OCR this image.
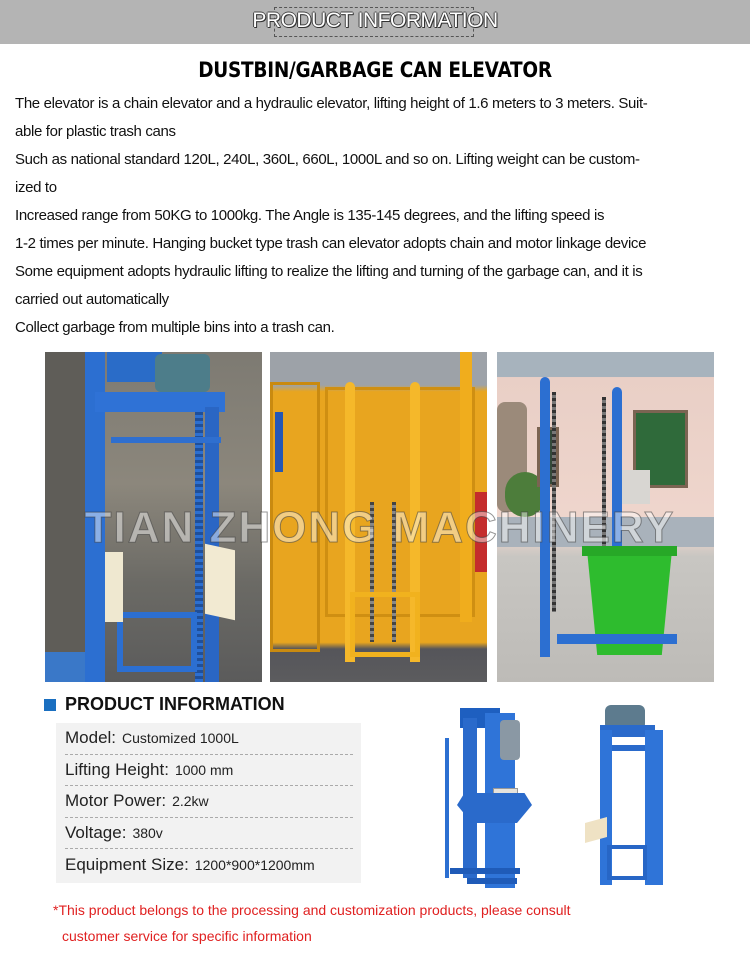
PRODUCT INFORMATION
DUSTBIN/GARBAGE CAN ELEVATOR

The elevator is a chain elevator and a hydraulic elevator, lifting height of 1.6 meters to 3 meters. Suit-

able for plastic trash cans

Such as national standard 120L, 240L, 360L, 660L, 1000L and so on. Lifting weight can be custom-

ized to

Increased range from 50KG to 1000kg. The Angle is 135-145 degrees, and the lifting speed is

1-2 times per minute. Hanging bucket type trash can elevator adopts chain and motor linkage device

Some equipment adopts hydraulic lifting to realize the lifting and turning of the garbage can, and it is

carried out automatically

Collect garbage from multiple bins into a trash can.

TIAN ZHONG MACHINERY
PRODUCT INFORMATION
Model: Customized 1000L
Lifting Height: 1000 mm
Motor Power: 2.2kw
Voltage: 380v
Equipment Size: 1200*900*1200mm
*This product belongs to the processing and customization products, please consult
customer service for specific information
